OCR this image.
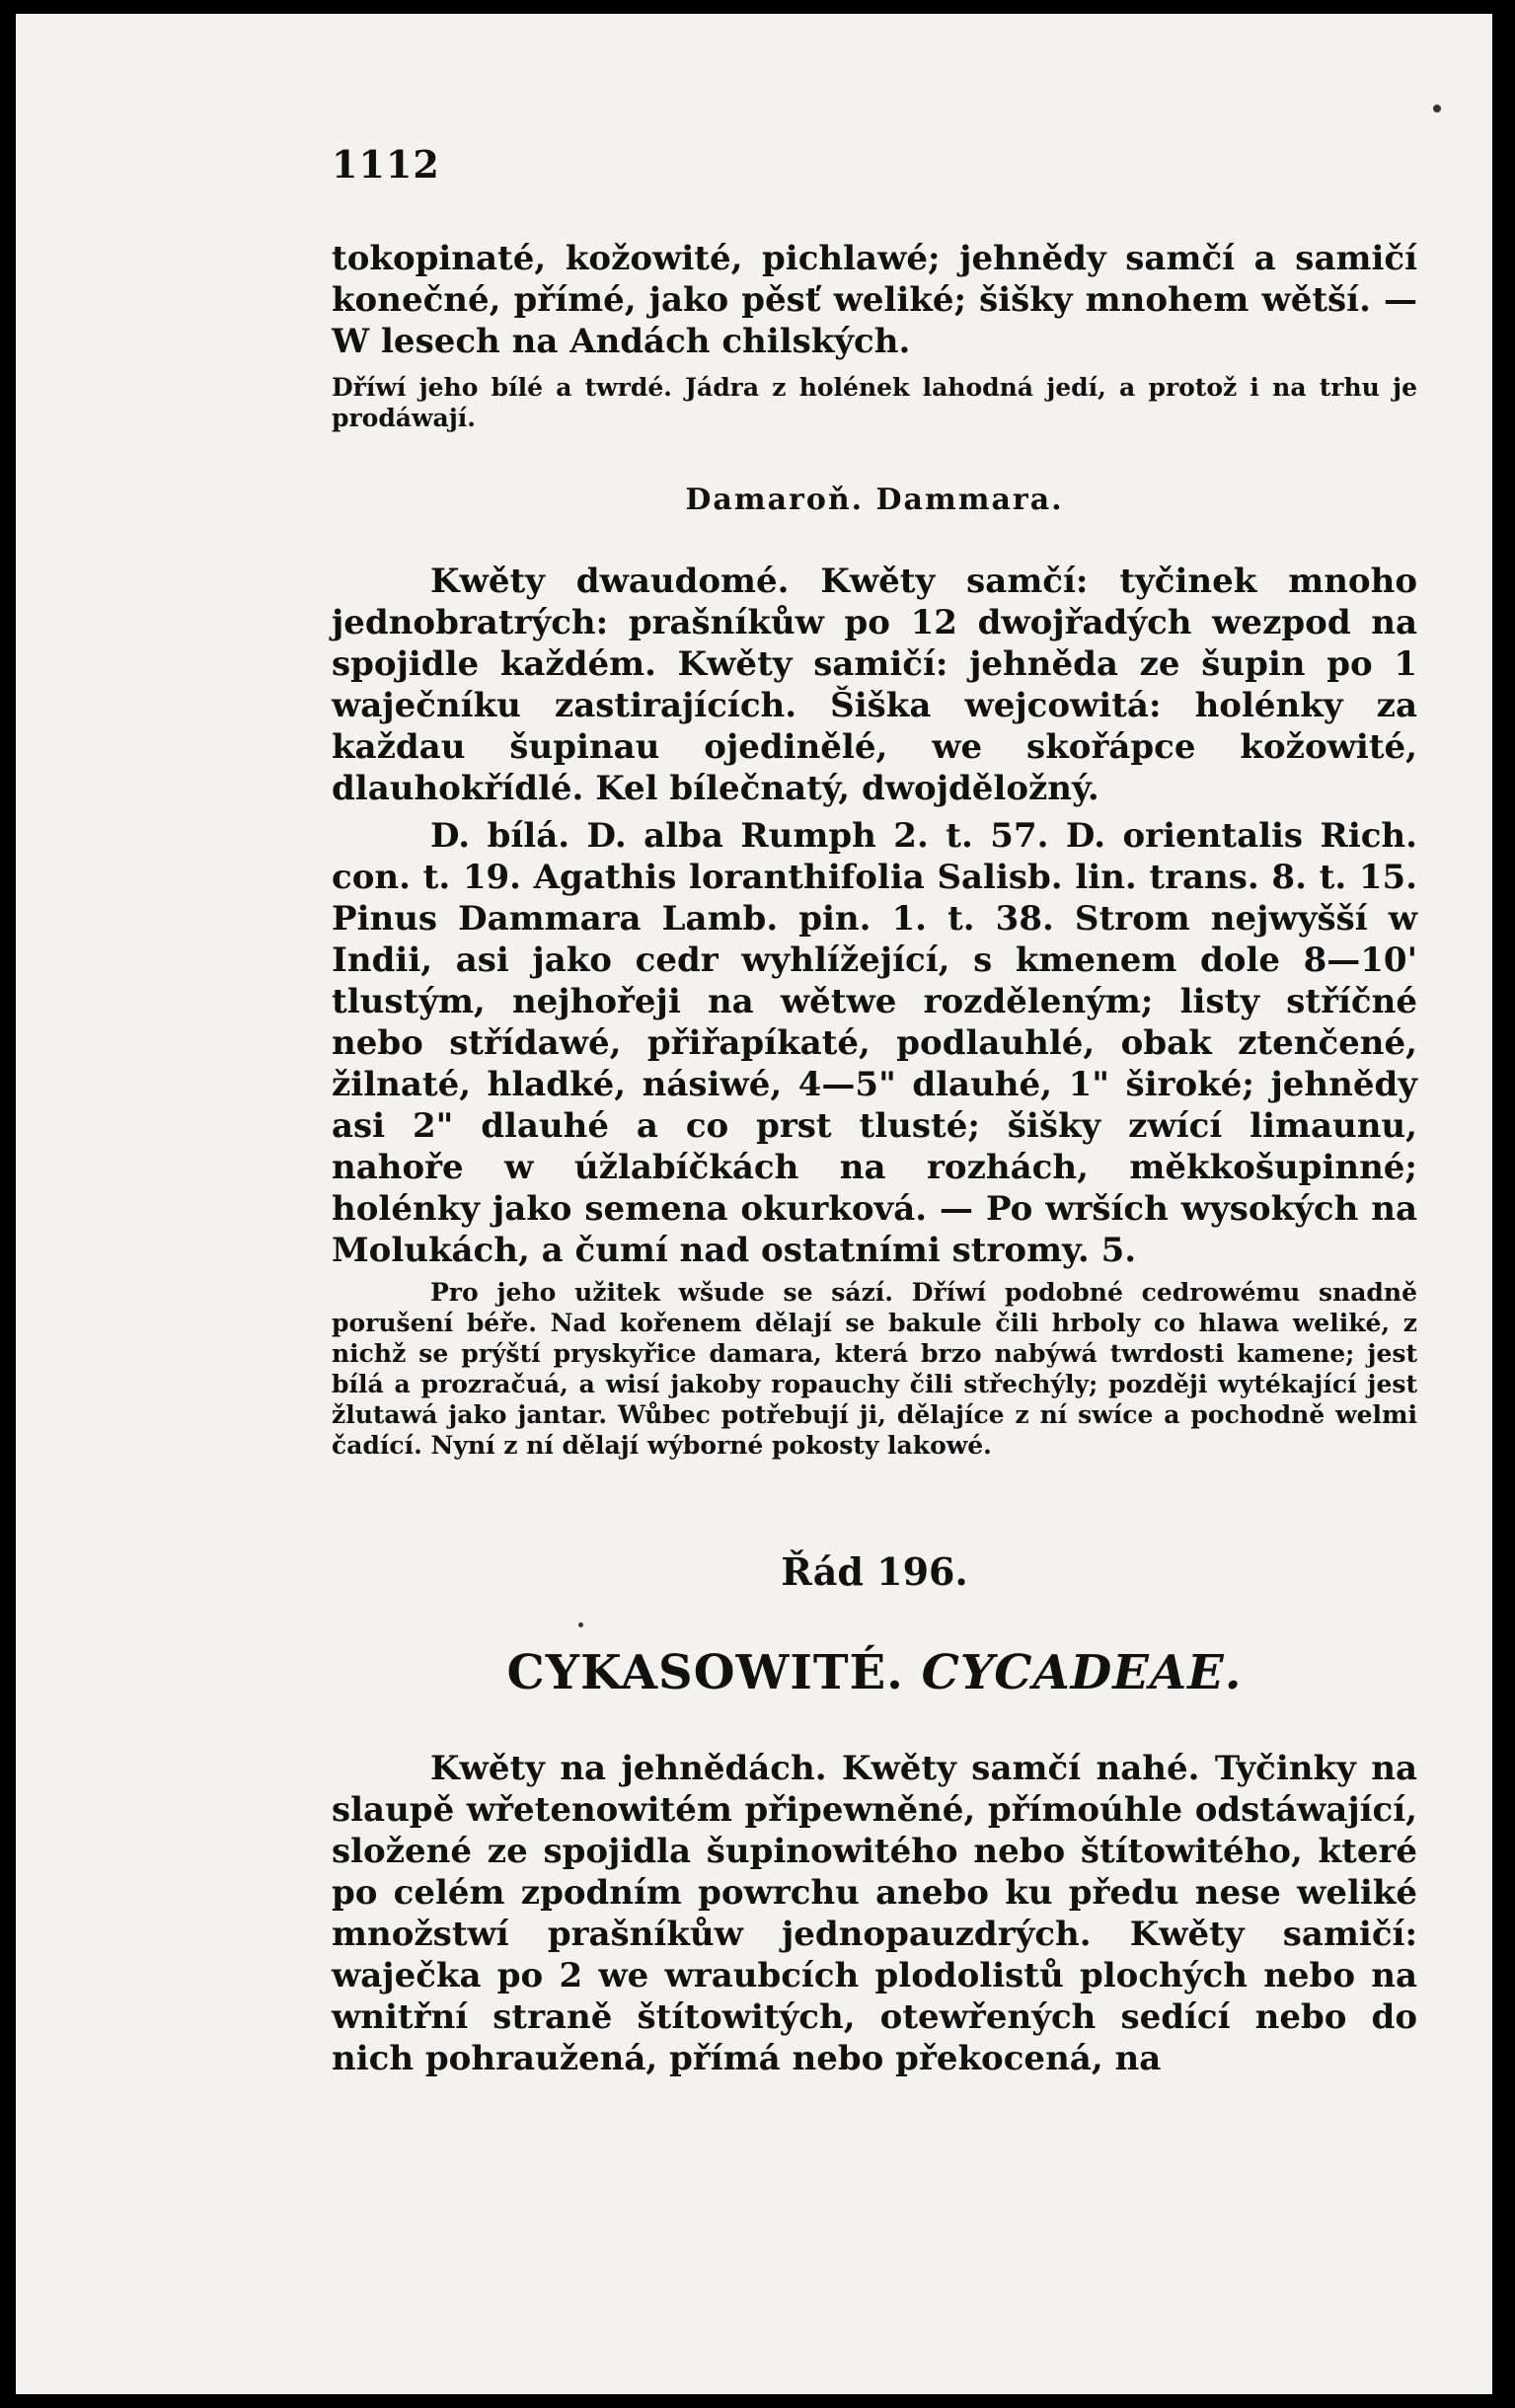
1112

tokopinaté, kožowité, pichlawé; jehnědy samčí a samičí konečné, přímé, jako pěsť weliké; šišky mnohem wětší. — W lesech na Andách chilských.

Dříwí jeho bílé a twrdé. Jádra z holének lahodná jedí, a protož i na trhu je prodáwají.

Damaroň. Dammara.

Kwěty dwaudomé. Kwěty samčí: tyčinek mnoho jednobratrých: prašníkůw po 12 dwojřadých wezpod na spojidle každém. Kwěty samičí: jehněda ze šupin po 1 waječníku zastirajících. Šiška wejcowitá: holénky za každau šupinau ojedinělé, we skořápce kožowité, dlauhokřídlé. Kel bílečnatý, dwojděložný.

D. bílá. D. alba Rumph 2. t. 57. D. orientalis Rich. con. t. 19. Agathis loranthifolia Salisb. lin. trans. 8. t. 15. Pinus Dammara Lamb. pin. 1. t. 38. Strom nejwyšší w Indii, asi jako cedr wyhlížející, s kmenem dole 8—10' tlustým, nejhořeji na wětwe rozděleným; listy stříčné nebo střídawé, přiřapíkaté, podlauhlé, obak ztenčené, žilnaté, hladké, násiwé, 4—5" dlauhé, 1" široké; jehnědy asi 2" dlauhé a co prst tlusté; šišky zwící limaunu, nahoře w úžlabíčkách na rozhách, měkkošupinné; holénky jako semena okurková. — Po wrších wysokých na Molukách, a čumí nad ostatními stromy. 5.

Pro jeho užitek wšude se sází. Dříwí podobné cedrowému snadně porušení béře. Nad kořenem dělají se bakule čili hrboly co hlawa weliké, z nichž se prýští pryskyřice damara, která brzo nabýwá twrdosti kamene; jest bílá a prozračuá, a wisí jakoby ropauchy čili střechýly; později wytékající jest žlutawá jako jantar. Wůbec potřebují ji, dělajíce z ní swíce a pochodně welmi čadící. Nyní z ní dělají wýborné pokosty lakowé.

Řád 196.
CYKASOWITÉ. CYCADEAE.

Kwěty na jehnědách. Kwěty samčí nahé. Tyčinky na slaupě wřetenowitém připewněné, přímoúhle odstáwající, složené ze spojidla šupinowitého nebo štítowitého, které po celém zpodním powrchu anebo ku předu nese weliké množstwí prašníkůw jednopauzdrých. Kwěty samičí: waječka po 2 we wraubcích plodolistů plochých nebo na wnitřní straně štítowitých, otewřených sedící nebo do nich pohraužená, přímá nebo překocená, na
